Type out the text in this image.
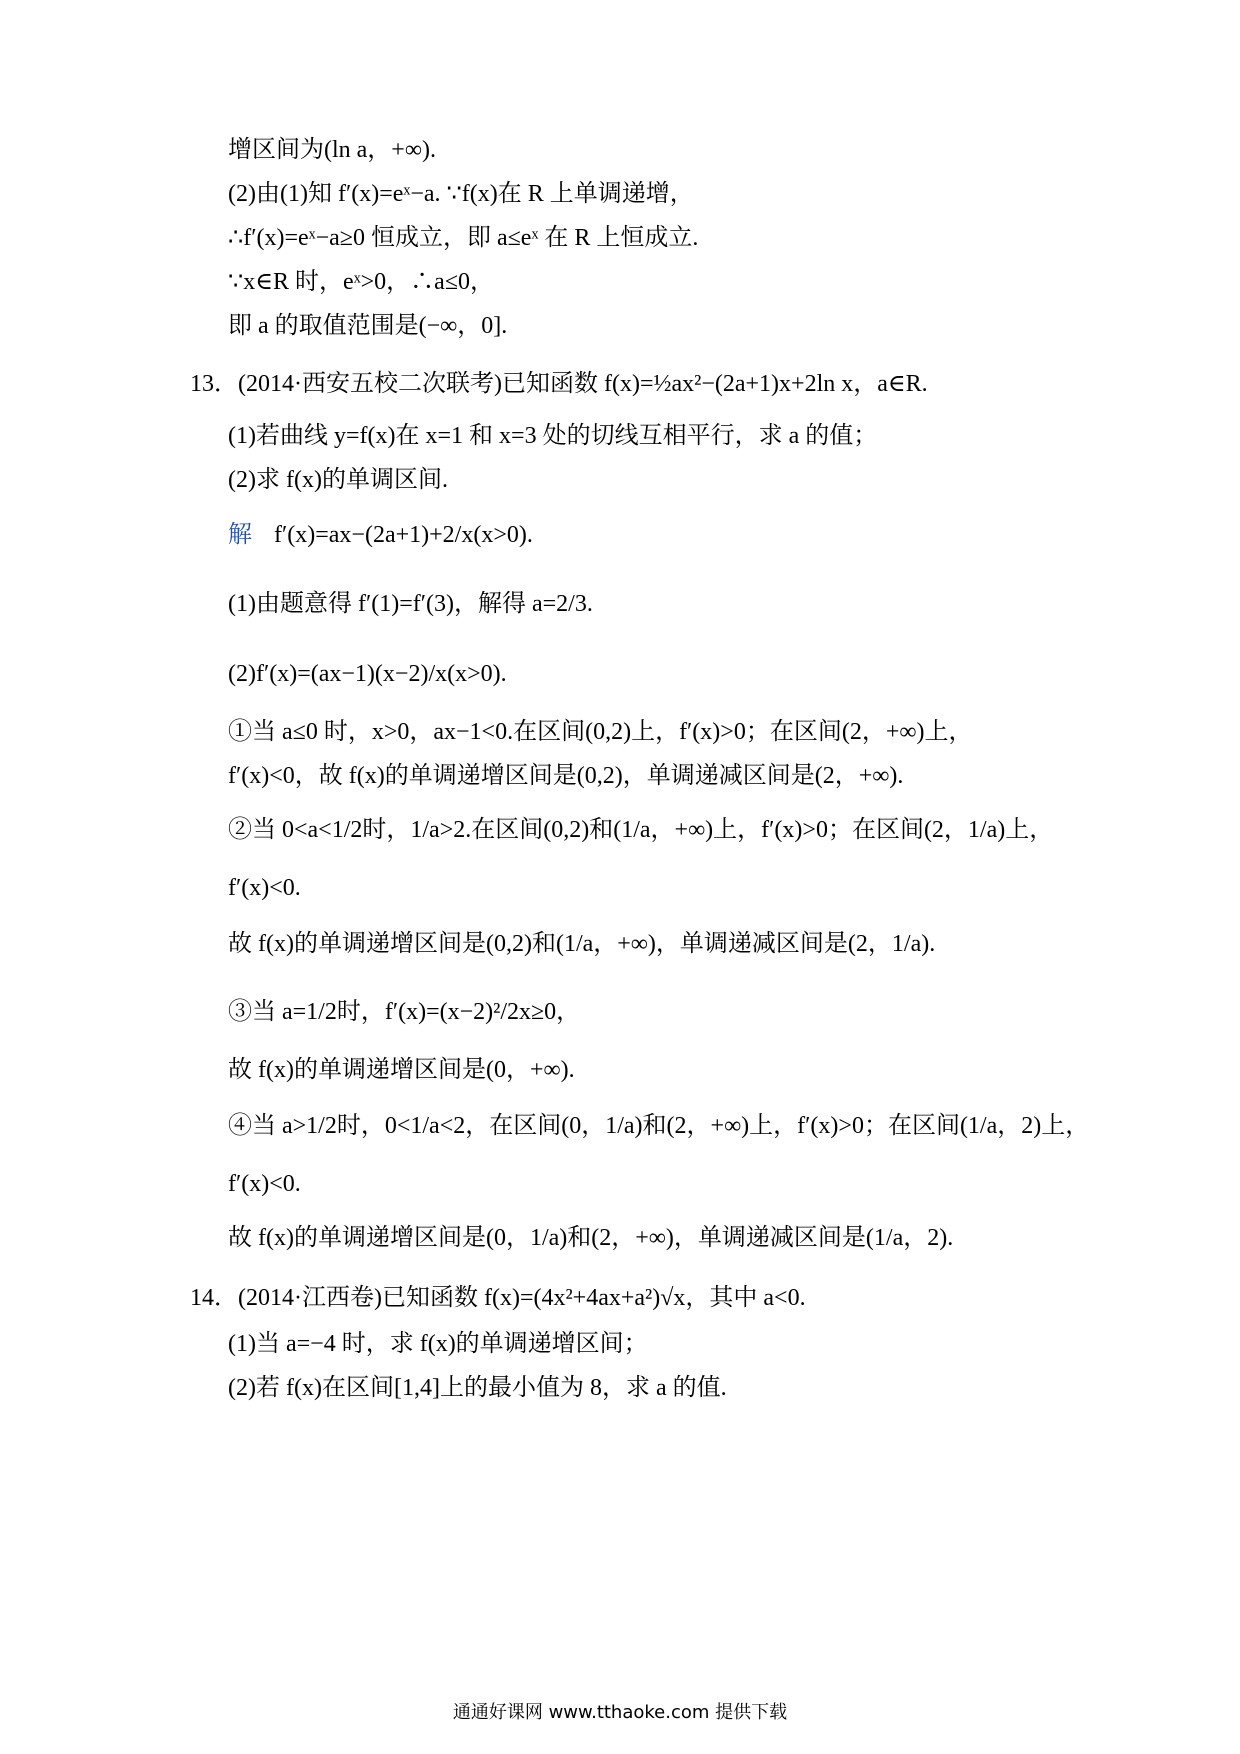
增区间为(ln a，+∞).
(2)由(1)知 f′(x)=eˣ−a. ∵f(x)在 R 上单调递增，
∴f′(x)=eˣ−a≥0 恒成立，即 a≤eˣ 在 R 上恒成立.
∵x∈R 时，eˣ>0，∴a≤0，
即 a 的取值范围是(−∞，0].
13．(2014·西安五校二次联考)已知函数 f(x)=½ax²−(2a+1)x+2ln x，a∈R.
(1)若曲线 y=f(x)在 x=1 和 x=3 处的切线互相平行，求 a 的值；
(2)求 f(x)的单调区间.
解 f′(x)=ax−(2a+1)+2/x(x>0).
(1)由题意得 f′(1)=f′(3)，解得 a=2/3.
(2)f′(x)=(ax−1)(x−2)/x(x>0).
①当 a≤0 时，x>0，ax−1<0.在区间(0,2)上，f′(x)>0；在区间(2，+∞)上，
f′(x)<0，故 f(x)的单调递增区间是(0,2)，单调递减区间是(2，+∞).
②当 0<a<1/2时，1/a>2.在区间(0,2)和(1/a，+∞)上，f′(x)>0；在区间(2，1/a)上，
f′(x)<0.
故 f(x)的单调递增区间是(0,2)和(1/a，+∞)，单调递减区间是(2，1/a).
③当 a=1/2时，f′(x)=(x−2)²/2x≥0，
故 f(x)的单调递增区间是(0，+∞).
④当 a>1/2时，0<1/a<2，在区间(0，1/a)和(2，+∞)上，f′(x)>0；在区间(1/a，2)上，
f′(x)<0.
故 f(x)的单调递增区间是(0，1/a)和(2，+∞)，单调递减区间是(1/a，2).
14．(2014·江西卷)已知函数 f(x)=(4x²+4ax+a²)√x，其中 a<0.
(1)当 a=−4 时，求 f(x)的单调递增区间；
(2)若 f(x)在区间[1,4]上的最小值为 8，求 a 的值.
通通好课网 www.tthaoke.com 提供下载
